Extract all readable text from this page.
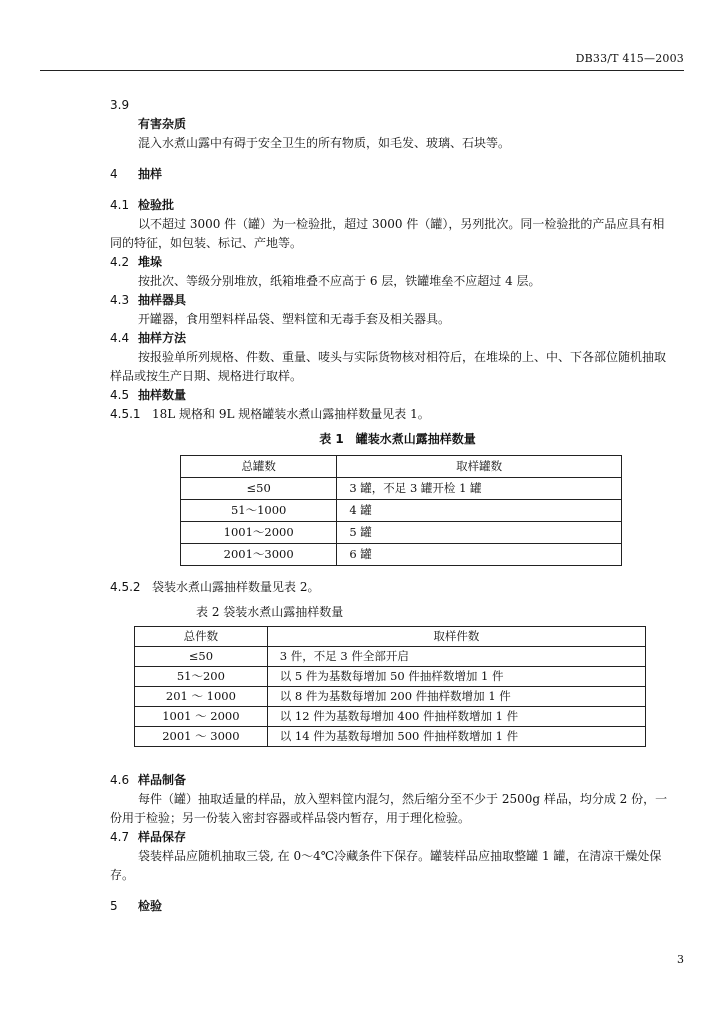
DB33/T 415—2003
3.9
有害杂质
混入水煮山露中有碍于安全卫生的所有物质，如毛发、玻璃、石块等。
4 抽样
4.1 检验批
以不超过 3000 件（罐）为一检验批，超过 3000 件（罐），另列批次。同一检验批的产品应具有相
同的特征，如包装、标记、产地等。
4.2 堆垛
按批次、等级分别堆放，纸箱堆叠不应高于 6 层，铁罐堆垒不应超过 4 层。
4.3 抽样器具
开罐器，食用塑料样品袋、塑料筐和无毒手套及相关器具。
4.4 抽样方法
按报验单所列规格、件数、重量、唛头与实际货物核对相符后，在堆垛的上、中、下各部位随机抽取
样品或按生产日期、规格进行取样。
4.5 抽样数量
4.5.1 18L 规格和 9L 规格罐装水煮山露抽样数量见表 1。
表 1　罐装水煮山露抽样数量
总罐数	取样罐数
≤50	3 罐，不足 3 罐开检 1 罐
51～1000	4 罐
1001～2000	5 罐
2001～3000	6 罐
4.5.2 袋装水煮山露抽样数量见表 2。
表 2 袋装水煮山露抽样数量
总件数	取样件数
≤50	3 件，不足 3 件全部开启
51～200	以 5 件为基数每增加 50 件抽样数增加 1 件
201 ～ 1000	以 8 件为基数每增加 200 件抽样数增加 1 件
1001 ～ 2000	以 12 件为基数每增加 400 件抽样数增加 1 件
2001 ～ 3000	以 14 件为基数每增加 500 件抽样数增加 1 件
4.6 样品制备
每件（罐）抽取适量的样品，放入塑料筐内混匀，然后缩分至不少于 2500g 样品，均分成 2 份，一
份用于检验；另一份装入密封容器或样品袋内暂存，用于理化检验。
4.7 样品保存
袋装样品应随机抽取三袋, 在 0～4℃冷藏条件下保存。罐装样品应抽取整罐 1 罐，在清凉干燥处保
存。
5 检验
3
